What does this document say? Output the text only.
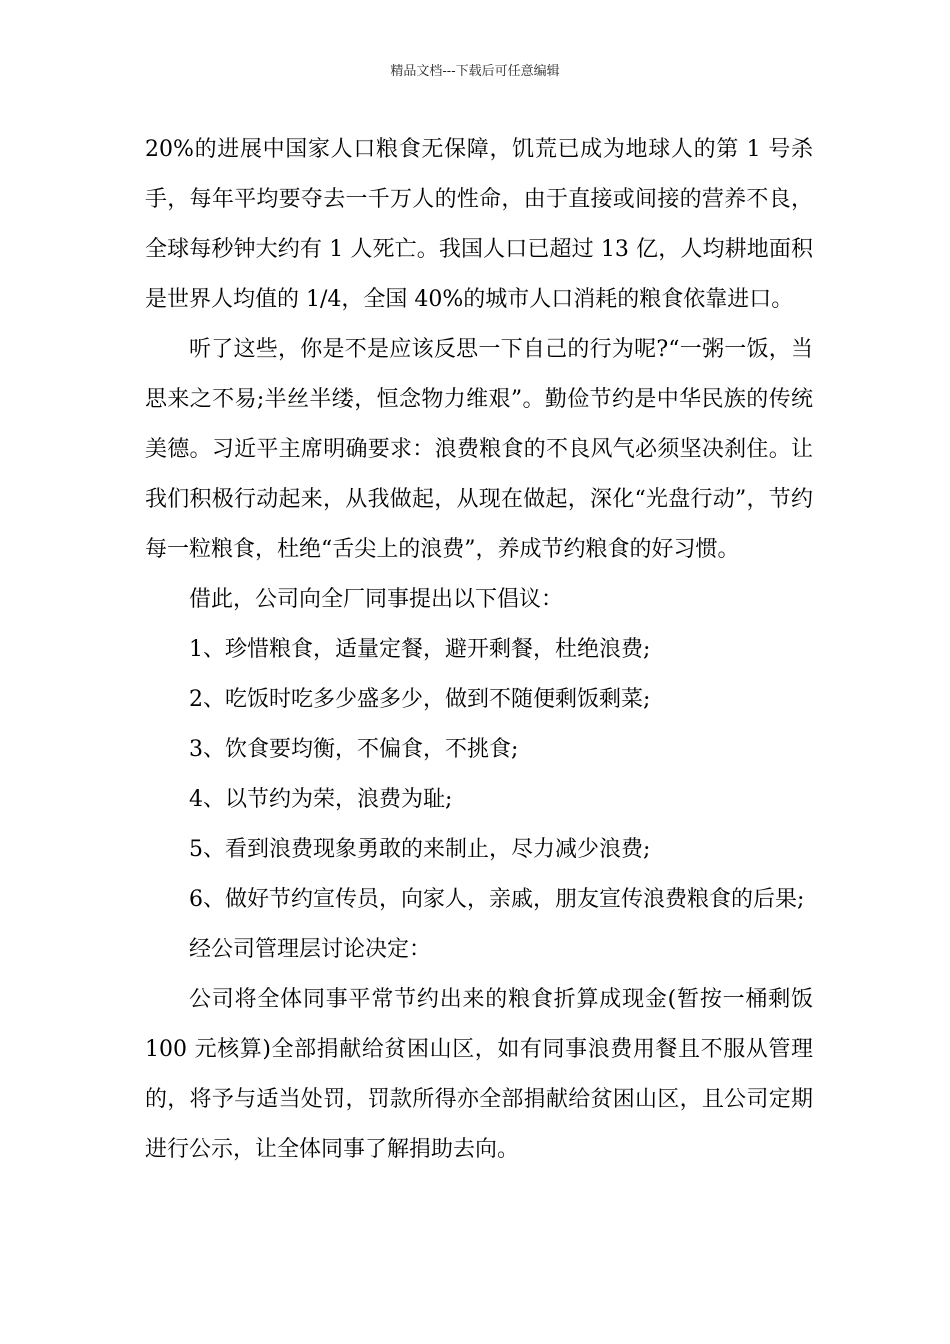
精品文档---下载后可任意编辑

20%的进展中国家人口粮食无保障，饥荒已成为地球人的第 1 号杀手，每年平均要夺去一千万人的性命，由于直接或间接的营养不良，全球每秒钟大约有 1 人死亡。我国人口已超过 13 亿，人均耕地面积是世界人均值的 1/4，全国 40%的城市人口消耗的粮食依靠进口。

听了这些，你是不是应该反思一下自己的行为呢?“一粥一饭，当思来之不易;半丝半缕，恒念物力维艰”。勤俭节约是中华民族的传统美德。习近平主席明确要求：浪费粮食的不良风气必须坚决刹住。让我们积极行动起来，从我做起，从现在做起，深化“光盘行动”，节约每一粒粮食，杜绝“舌尖上的浪费”，养成节约粮食的好习惯。

借此，公司向全厂同事提出以下倡议：

1、珍惜粮食，适量定餐，避开剩餐，杜绝浪费;

2、吃饭时吃多少盛多少，做到不随便剩饭剩菜;

3、饮食要均衡，不偏食，不挑食;

4、以节约为荣，浪费为耻;

5、看到浪费现象勇敢的来制止，尽力减少浪费;

6、做好节约宣传员，向家人，亲戚，朋友宣传浪费粮食的后果;

经公司管理层讨论决定：

公司将全体同事平常节约出来的粮食折算成现金(暂按一桶剩饭 100 元核算)全部捐献给贫困山区，如有同事浪费用餐且不服从管理的，将予与适当处罚，罚款所得亦全部捐献给贫困山区，且公司定期进行公示，让全体同事了解捐助去向。
